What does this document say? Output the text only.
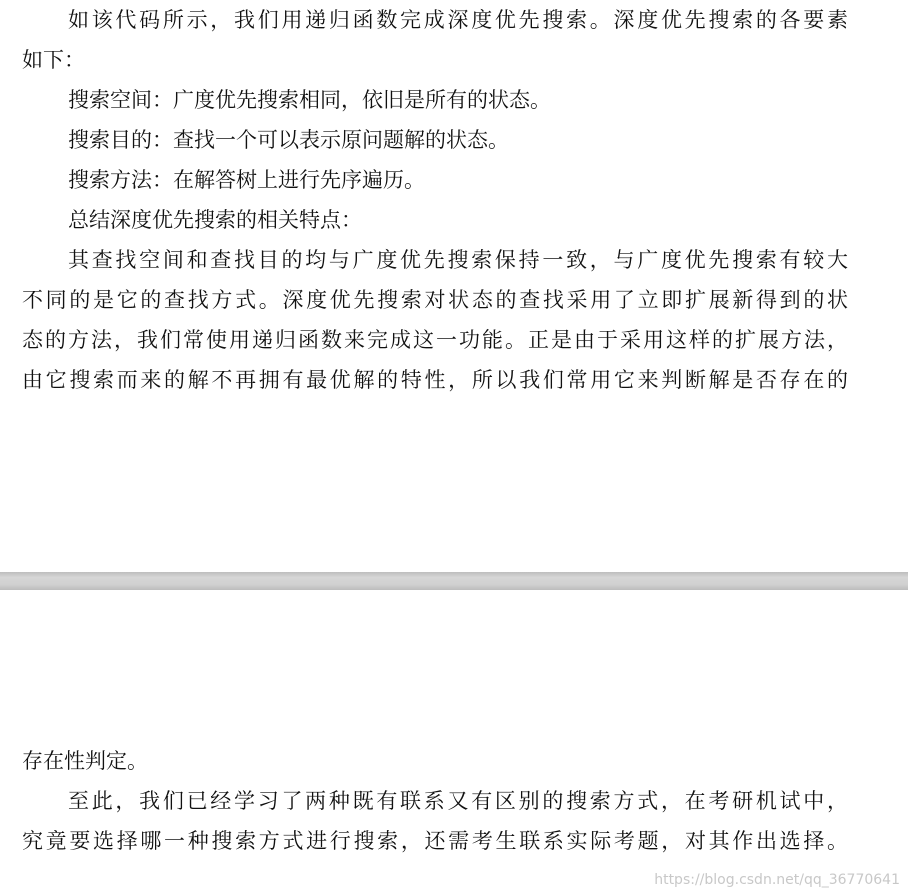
如该代码所示，我们用递归函数完成深度优先搜索。深度优先搜索的各要素
如下：
搜索空间：广度优先搜索相同，依旧是所有的状态。
搜索目的：查找一个可以表示原问题解的状态。
搜索方法：在解答树上进行先序遍历。
总结深度优先搜索的相关特点：
其查找空间和查找目的均与广度优先搜索保持一致，与广度优先搜索有较大
不同的是它的查找方式。深度优先搜索对状态的查找采用了立即扩展新得到的状
态的方法，我们常使用递归函数来完成这一功能。正是由于采用这样的扩展方法，
由它搜索而来的解不再拥有最优解的特性，所以我们常用它来判断解是否存在的
存在性判定。
至此，我们已经学习了两种既有联系又有区别的搜索方式，在考研机试中，
究竟要选择哪一种搜索方式进行搜索，还需考生联系实际考题，对其作出选择。
https://blog.csdn.net/qq_36770641
